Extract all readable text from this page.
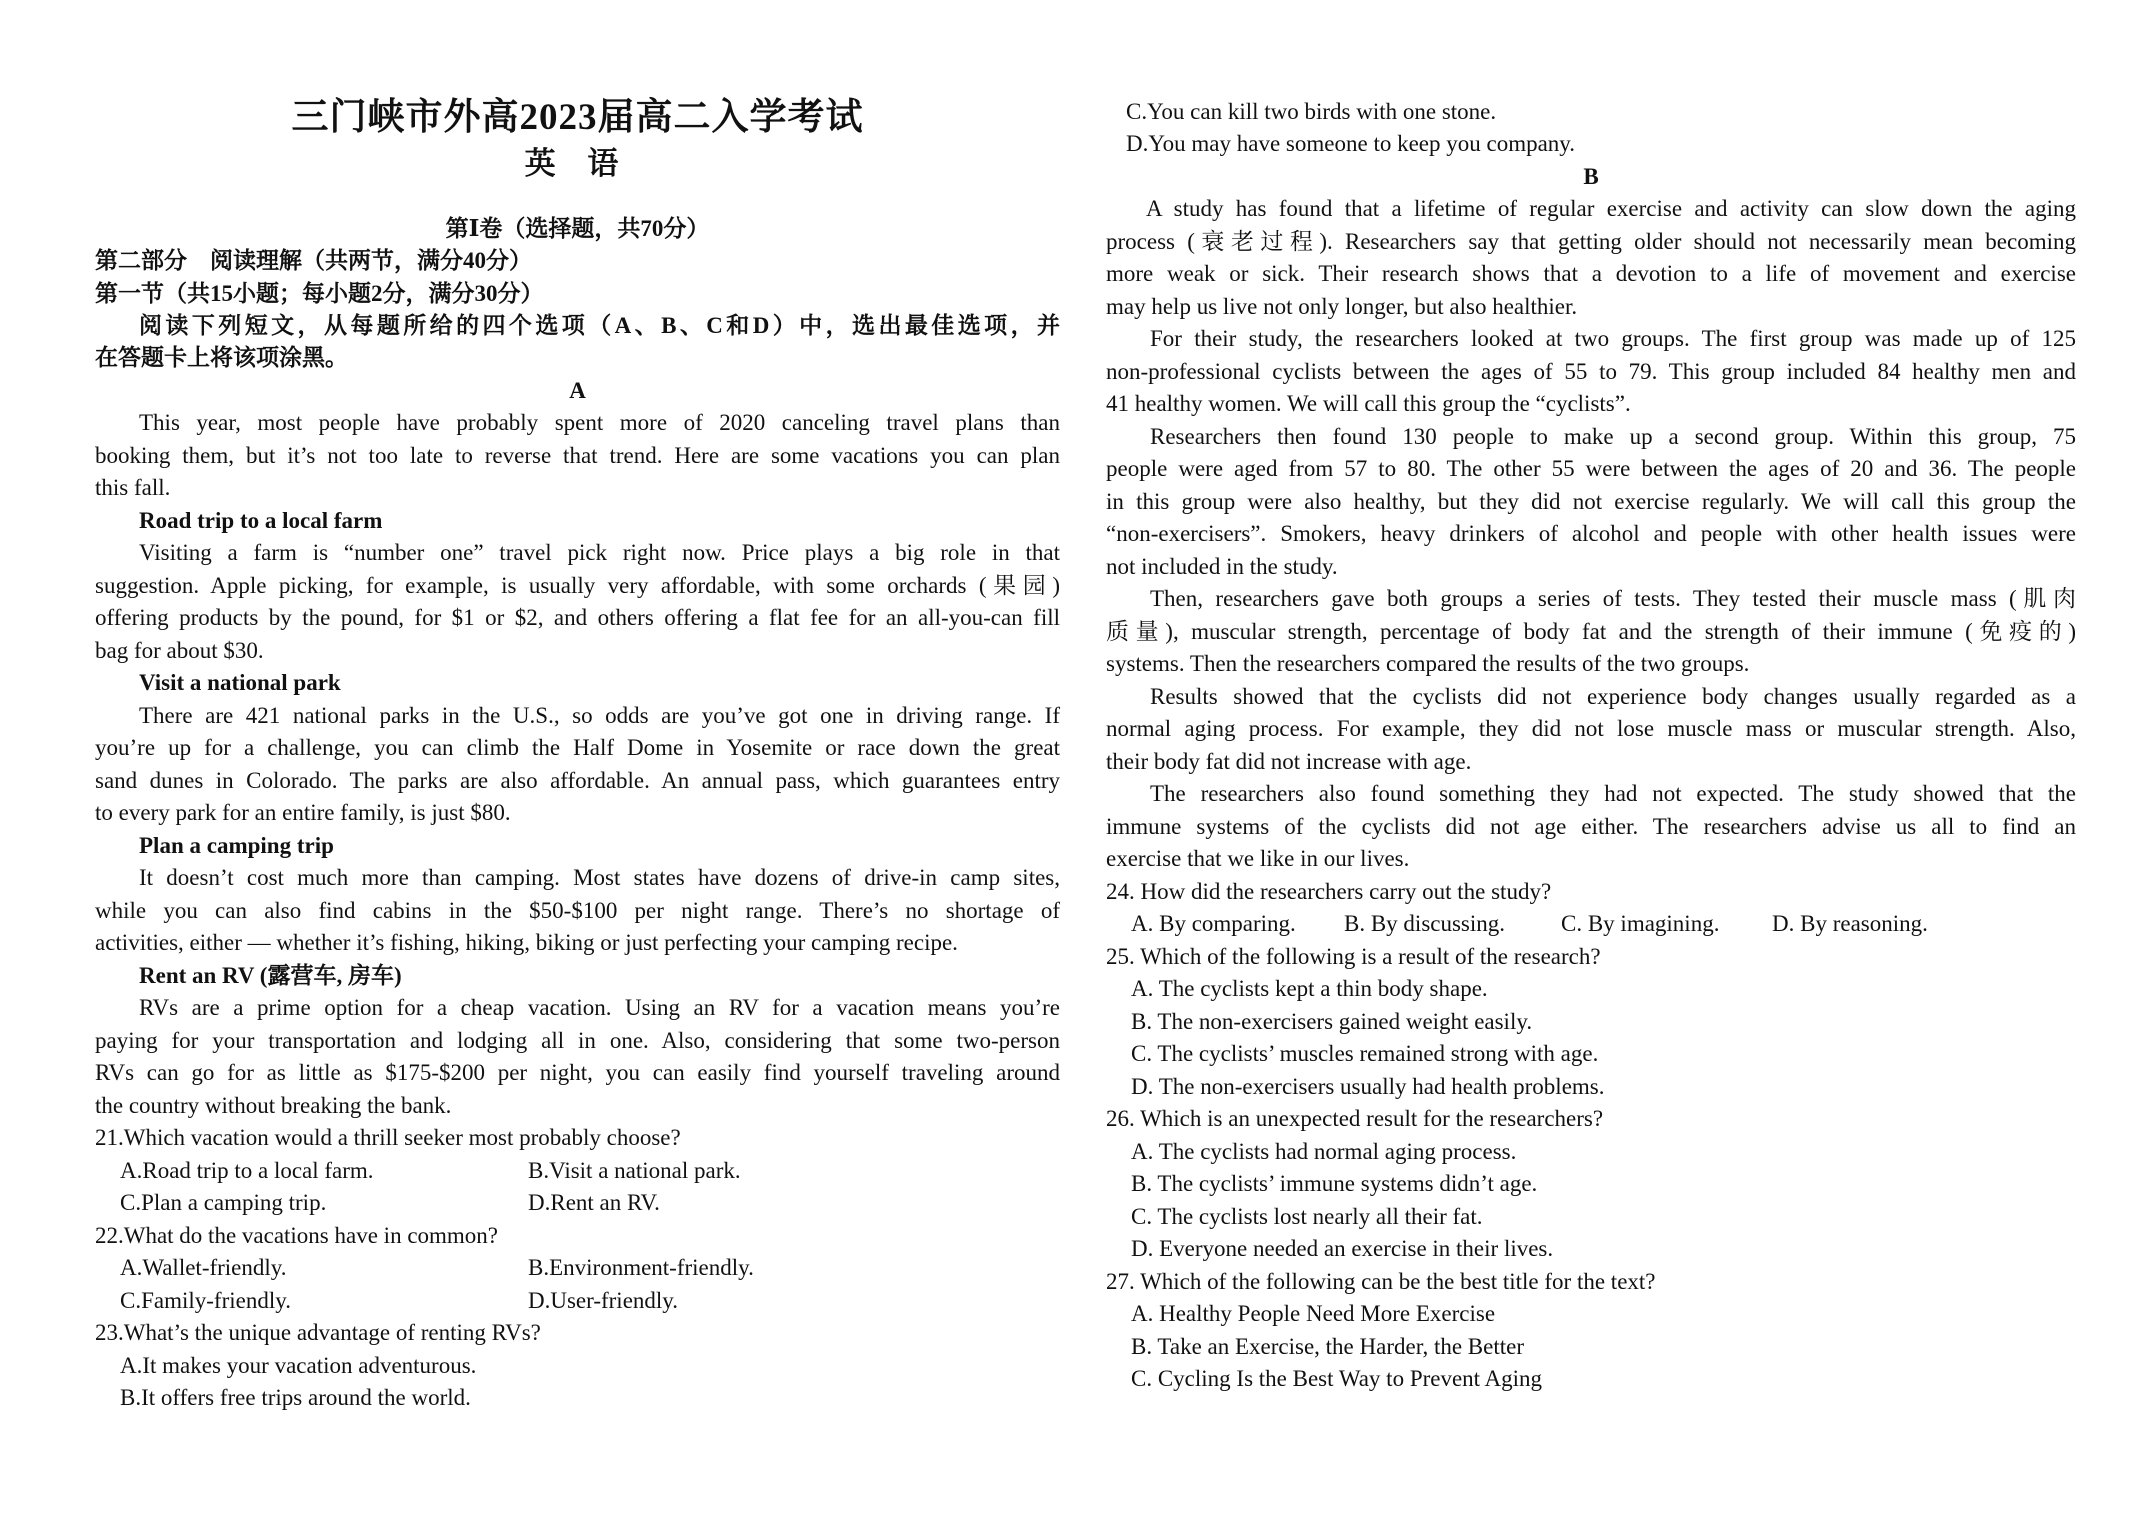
三门峡市外高2023届高二入学考试
英 语
第Ⅰ卷（选择题，共70分）
第二部分　阅读理解（共两节，满分40分）
第一节（共15小题；每小题2分，满分30分）
阅读下列短文，从每题所给的四个选项（A、B、C和D）中，选出最佳选项，并
在答题卡上将该项涂黑。
A
This year, most people have probably spent more of 2020 canceling travel plans than
booking them, but it’s not too late to reverse that trend. Here are some vacations you can plan
this fall.
Road trip to a local farm
Visiting a farm is “number one” travel pick right now. Price plays a big role in that
suggestion. Apple picking, for example, is usually very affordable, with some orchards (果园)
offering products by the pound, for $1 or $2, and others offering a flat fee for an all-you-can fill
bag for about $30.
Visit a national park
There are 421 national parks in the U.S., so odds are you’ve got one in driving range. If
you’re up for a challenge, you can climb the Half Dome in Yosemite or race down the great
sand dunes in Colorado. The parks are also affordable. An annual pass, which guarantees entry
to every park for an entire family, is just $80.
Plan a camping trip
It doesn’t cost much more than camping. Most states have dozens of drive-in camp sites,
while you can also find cabins in the $50-$100 per night range. There’s no shortage of
activities, either — whether it’s fishing, hiking, biking or just perfecting your camping recipe.
Rent an RV (露营车, 房车)
RVs are a prime option for a cheap vacation. Using an RV for a vacation means you’re
paying for your transportation and lodging all in one. Also, considering that some two-person
RVs can go for as little as $175-$200 per night, you can easily find yourself traveling around
the country without breaking the bank.
21.Which vacation would a thrill seeker most probably choose?
A.Road trip to a local farm.	B.Visit a national park.
C.Plan a camping trip.	D.Rent an RV.
22.What do the vacations have in common?
A.Wallet-friendly.	B.Environment-friendly.
C.Family-friendly.	D.User-friendly.
23.What’s the unique advantage of renting RVs?
A.It makes your vacation adventurous.
B.It offers free trips around the world.
C.You can kill two birds with one stone.
D.You may have someone to keep you company.
B
A study has found that a lifetime of regular exercise and activity can slow down the aging
process (衰老过程). Researchers say that getting older should not necessarily mean becoming
more weak or sick. Their research shows that a devotion to a life of movement and exercise
may help us live not only longer, but also healthier.
For their study, the researchers looked at two groups. The first group was made up of 125
non-professional cyclists between the ages of 55 to 79. This group included 84 healthy men and
41 healthy women. We will call this group the “cyclists”.
Researchers then found 130 people to make up a second group. Within this group, 75
people were aged from 57 to 80. The other 55 were between the ages of 20 and 36. The people
in this group were also healthy, but they did not exercise regularly. We will call this group the
“non-exercisers”. Smokers, heavy drinkers of alcohol and people with other health issues were
not included in the study.
Then, researchers gave both groups a series of tests. They tested their muscle mass (肌肉
质量), muscular strength, percentage of body fat and the strength of their immune (免疫的)
systems. Then the researchers compared the results of the two groups.
Results showed that the cyclists did not experience body changes usually regarded as a
normal aging process. For example, they did not lose muscle mass or muscular strength. Also,
their body fat did not increase with age.
The researchers also found something they had not expected. The study showed that the
immune systems of the cyclists did not age either. The researchers advise us all to find an
exercise that we like in our lives.
24. How did the researchers carry out the study?
A. By comparing. B. By discussing. C. By imagining. D. By reasoning.
25. Which of the following is a result of the research?
A. The cyclists kept a thin body shape.
B. The non-exercisers gained weight easily.
C. The cyclists’ muscles remained strong with age.
D. The non-exercisers usually had health problems.
26. Which is an unexpected result for the researchers?
A. The cyclists had normal aging process.
B. The cyclists’ immune systems didn’t age.
C. The cyclists lost nearly all their fat.
D. Everyone needed an exercise in their lives.
27. Which of the following can be the best title for the text?
A. Healthy People Need More Exercise
B. Take an Exercise, the Harder, the Better
C. Cycling Is the Best Way to Prevent Aging
